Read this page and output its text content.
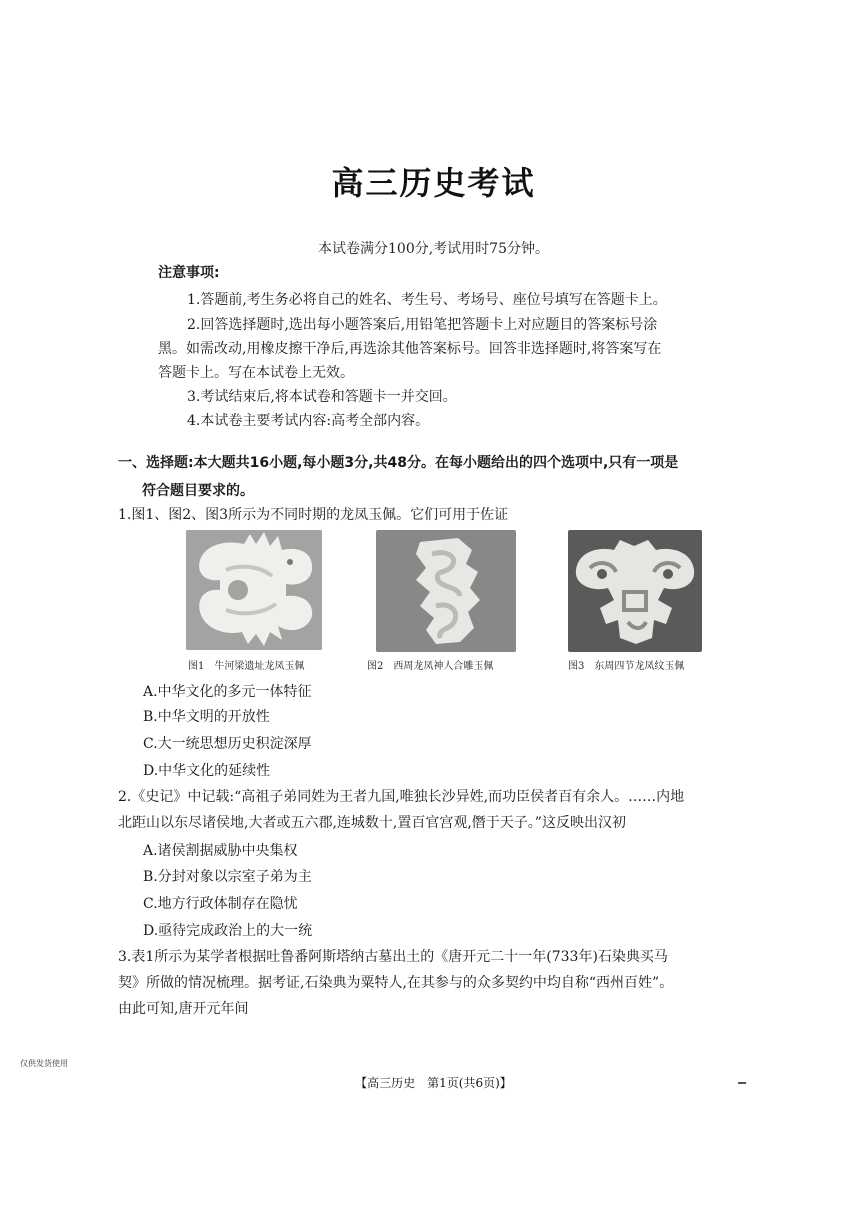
高三历史考试
本试卷满分100分,考试用时75分钟。
注意事项:
1.答题前,考生务必将自己的姓名、考生号、考场号、座位号填写在答题卡上。
2.回答选择题时,选出每小题答案后,用铅笔把答题卡上对应题目的答案标号涂
黑。如需改动,用橡皮擦干净后,再选涂其他答案标号。回答非选择题时,将答案写在
答题卡上。写在本试卷上无效。
3.考试结束后,将本试卷和答题卡一并交回。
4.本试卷主要考试内容:高考全部内容。
一、选择题:本大题共16小题,每小题3分,共48分。在每小题给出的四个选项中,只有一项是
符合题目要求的。
1.图1、图2、图3所示为不同时期的龙凤玉佩。它们可用于佐证
图1　牛河梁遗址龙凤玉佩	图2　西周龙凤神人合雕玉佩	图3　东周四节龙凤纹玉佩
A.中华文化的多元一体特征
B.中华文明的开放性
C.大一统思想历史积淀深厚
D.中华文化的延续性
2.《史记》中记载:“高祖子弟同姓为王者九国,唯独长沙异姓,而功臣侯者百有余人。……内地
北距山以东尽诸侯地,大者或五六郡,连城数十,置百官宫观,僭于天子。”这反映出汉初
A.诸侯割据威胁中央集权
B.分封对象以宗室子弟为主
C.地方行政体制存在隐忧
D.亟待完成政治上的大一统
3.表1所示为某学者根据吐鲁番阿斯塔纳古墓出土的《唐开元二十一年(733年)石染典买马
契》所做的情况梳理。据考证,石染典为粟特人,在其参与的众多契约中均自称“西州百姓”。
由此可知,唐开元年间
仅供发货使用
【高三历史　第1页(共6页)】
